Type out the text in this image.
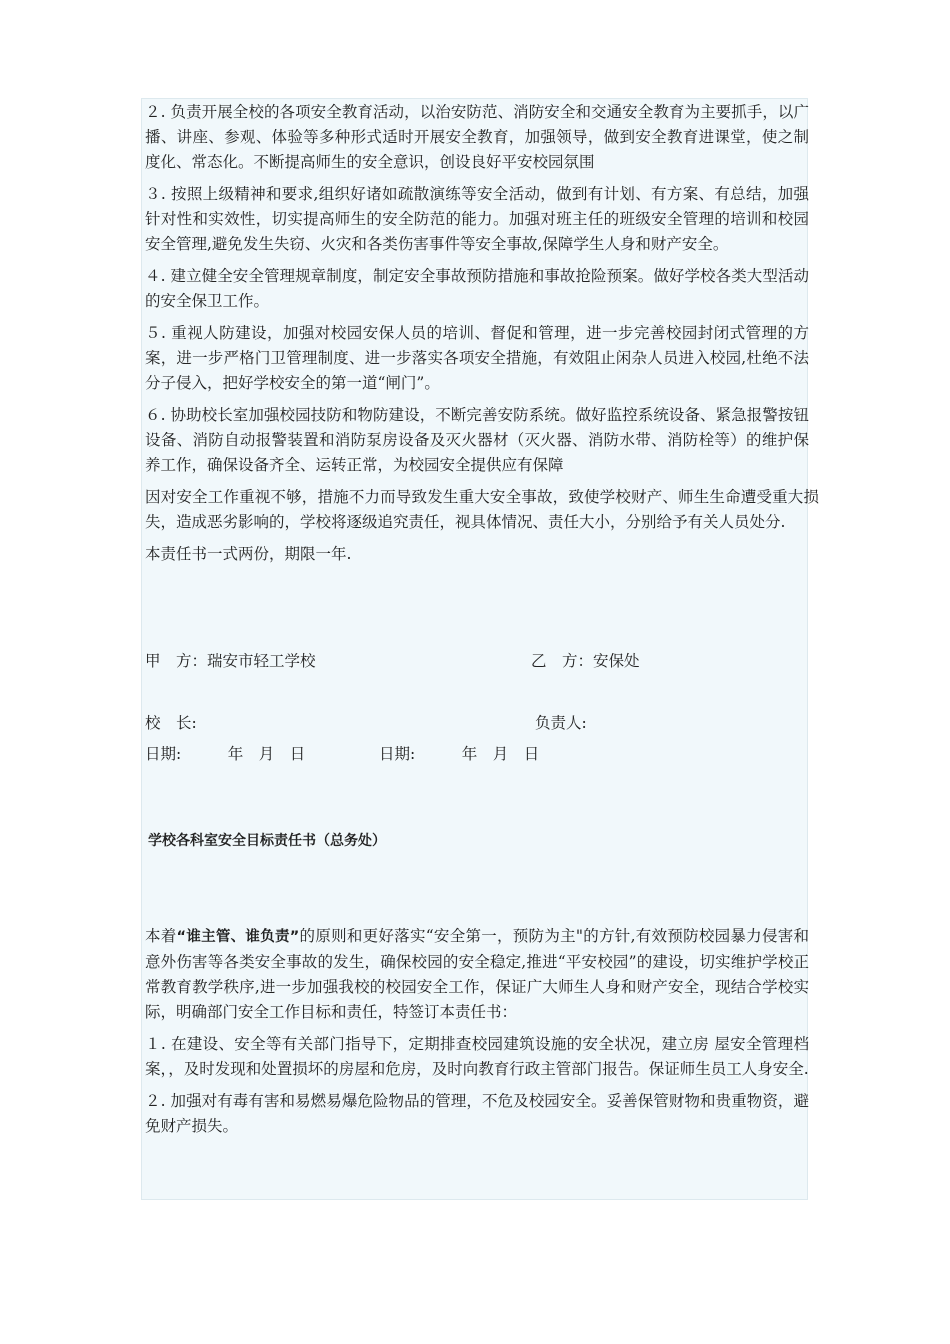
２. 负责开展全校的各项安全教育活动，以治安防范、消防安全和交通安全教育为主要抓手，以广播、讲座、参观、体验等多种形式适时开展安全教育，加强领导，做到安全教育进课堂，使之制度化、常态化。不断提高师生的安全意识，创设良好平安校园氛围

３. 按照上级精神和要求,组织好诸如疏散演练等安全活动，做到有计划、有方案、有总结，加强针对性和实效性，切实提高师生的安全防范的能力。加强对班主任的班级安全管理的培训和校园安全管理,避免发生失窃、火灾和各类伤害事件等安全事故,保障学生人身和财产安全。

４. 建立健全安全管理规章制度，制定安全事故预防措施和事故抢险预案。做好学校各类大型活动的安全保卫工作。

５. 重视人防建设，加强对校园安保人员的培训、督促和管理，进一步完善校园封闭式管理的方案，进一步严格门卫管理制度、进一步落实各项安全措施，有效阻止闲杂人员进入校园,杜绝不法分子侵入，把好学校安全的第一道“闸门”。

６. 协助校长室加强校园技防和物防建设，不断完善安防系统。做好监控系统设备、紧急报警按钮设备、消防自动报警装置和消防泵房设备及灭火器材（灭火器、消防水带、消防栓等）的维护保养工作，确保设备齐全、运转正常，为校园安全提供应有保障

因对安全工作重视不够，措施不力而导致发生重大安全事故，致使学校财产、师生生命遭受重大损失，造成恶劣影响的，学校将逐级追究责任，视具体情况、责任大小，分别给予有关人员处分.

本责任书一式两份，期限一年.

甲　方：瑞安市轻工学校	乙　方：安保处
校　长:	负责人:
日期:　　　年　月　日	日期:　　　年　月　日
学校各科室安全目标责任书（总务处）

本着“谁主管、谁负责”的原则和更好落实“安全第一，预防为主"的方针,有效预防校园暴力侵害和意外伤害等各类安全事故的发生，确保校园的安全稳定,推进“平安校园”的建设，切实维护学校正常教育教学秩序,进一步加强我校的校园安全工作，保证广大师生人身和财产安全，现结合学校实际，明确部门安全工作目标和责任，特签订本责任书：

１. 在建设、安全等有关部门指导下，定期排查校园建筑设施的安全状况，建立房 屋安全管理档案，，及时发现和处置损坏的房屋和危房，及时向教育行政主管部门报告。保证师生员工人身安全.

２. 加强对有毒有害和易燃易爆危险物品的管理，不危及校园安全。妥善保管财物和贵重物资，避免财产损失。
